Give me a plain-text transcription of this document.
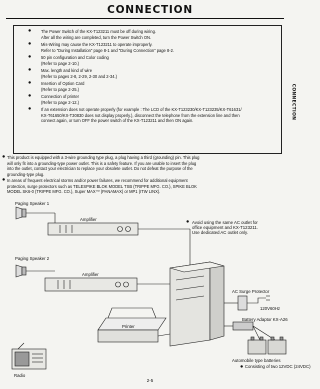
CONNECTION
CONNECTION
● The Power Switch of the KX-T123211 must be off during wiring.
After all the wiring are completed, turn the Power Switch ON.
● Mis-Wiring may cause the KX-T123211 to operate improperly.
Refer to "During Installation" page 8-1 and "During Connection" page 8-2.
● 50 pin configuration and Color coding
(Refer to page 2-10.)
● Max. length and kind of wire
(Refer to pages 2-8, 2-29, 2-30 and 2-34.)
● Insertion of Option Card
(Refer to page 2-25.)
● Connection of printer
(Refer to page 2-12.)
● If an extension does not operate properly (for example : The LCD of the KX-T123230/KX-T123235/KX-T61631/
KX-T61650/KX-T30830 does not display properly.), disconnect the telephone from the extension line and then
connect again, or turn OFF the power switch of the KX-T123211 and then ON again.
● This product is equipped with a 3-wire grounding type plug, a plug having a third (grounding) pin. This plug
will only fit into a grounding-type power outlet. This is a safety feature. If you are unable to insert the plug
into the outlet, contact your electrician to replace your obsolete outlet. Do not defeat the purpose of the
grounding-type plug.
● In areas of frequent electrical storms and/or power failures, we recommend for additional equipment
protection, surge protectors such as TELESPIKE BLOK MODEL TSB (TRIPPE MFG. CO.), SPIKE BLOK
MODEL SK6-0 (TRIPPE MFG. CO.), Super MAX™ (PANAMAX) or MP1 (ITW LINX).
Paging Speaker 1
Amplifier
Paging Speaker 2
Amplifier
Printer
Radio
● Avoid using the same AC outlet for
office equipment and KX-T123211.
Use dedicated AC outlet only.
AC Surge Protector
120V60Hz
Battery Adaptor KX-A26
Automobile type batteries
● Consisting of two 12VDC (24VDC)
2-5
